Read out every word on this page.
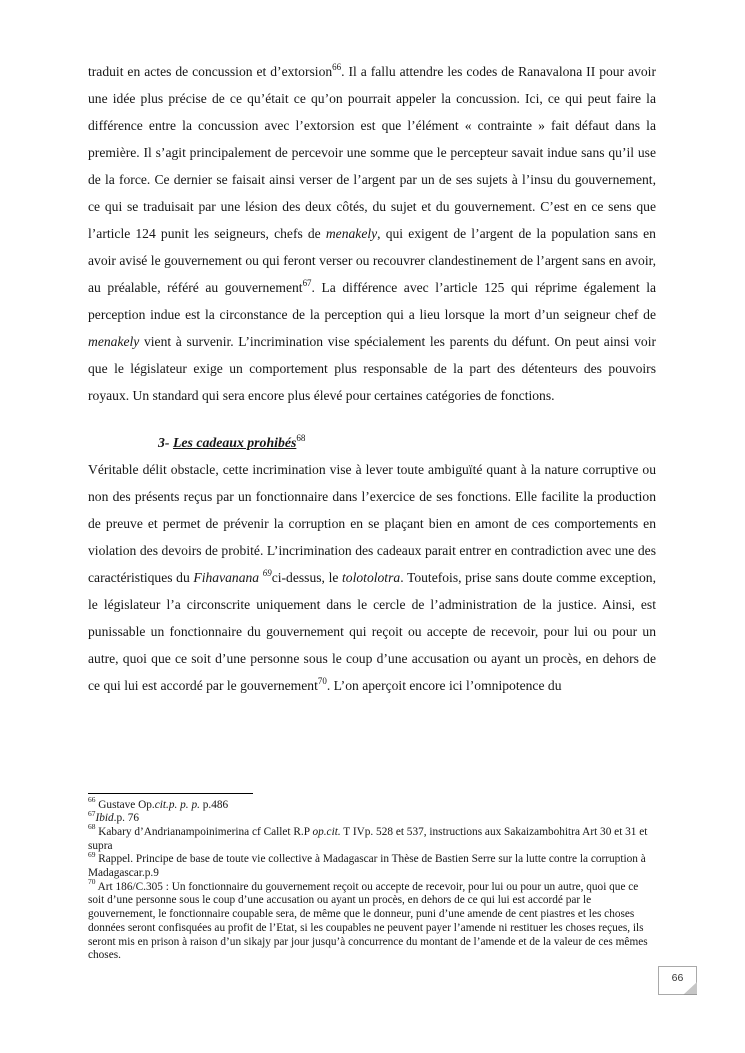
traduit en actes de concussion et d’extorsion$^{66}$. Il a fallu attendre les codes de Ranavalona II pour avoir une idée plus précise de ce qu’était ce qu’on pourrait appeler la concussion. Ici, ce qui peut faire la différence entre la concussion avec l’extorsion est que l’élément « contrainte » fait défaut dans la première. Il s’agit principalement de percevoir une somme que le percepteur savait indue sans qu’il use de la force. Ce dernier se faisait ainsi verser de l’argent par un de ses sujets à l’insu du gouvernement, ce qui se traduisait par une lésion des deux côtés, du sujet et du gouvernement. C’est en ce sens que l’article 124 punit les seigneurs, chefs de menakely, qui exigent de l’argent de la population sans en avoir avisé le gouvernement ou qui feront verser ou recouvrer clandestinement de l’argent sans en avoir, au préalable, référé au gouvernement$^{67}$. La différence avec l’article 125 qui réprime également la perception indue est la circonstance de la perception qui a lieu lorsque la mort d’un seigneur chef de menakely vient à survenir. L’incrimination vise spécialement les parents du défunt. On peut ainsi voir que le législateur exige un comportement plus responsable de la part des détenteurs des pouvoirs royaux. Un standard qui sera encore plus élevé pour certaines catégories de fonctions.

3- Les cadeaux prohibés$^{68}$

Véritable délit obstacle, cette incrimination vise à lever toute ambiguïté quant à la nature corruptive ou non des présents reçus par un fonctionnaire dans l’exercice de ses fonctions. Elle facilite la production de preuve et permet de prévenir la corruption en se plaçant bien en amont de ces comportements en violation des devoirs de probité. L’incrimination des cadeaux parait entrer en contradiction avec une des caractéristiques du Fihavanana $^{69}$ci-dessus, le tolotolotra. Toutefois, prise sans doute comme exception, le législateur l’a circonscrite uniquement dans le cercle de l’administration de la justice. Ainsi, est punissable un fonctionnaire du gouvernement qui reçoit ou accepte de recevoir, pour lui ou pour un autre, quoi que ce soit d’une personne sous le coup d’une accusation ou ayant un procès, en dehors de ce qui lui est accordé par le gouvernement$^{70}$. L’on aperçoit encore ici l’omnipotence du

$^{66}$ Gustave Op.cit.p. p. p. p.486

$^{67}$Ibid.p. 76

$^{68}$ Kabary d’Andrianampoinimerina cf Callet R.P op.cit. T IVp. 528 et 537, instructions aux Sakaizambohitra Art 30 et 31 et supra

$^{69}$ Rappel. Principe de base de toute vie collective à Madagascar in Thèse de Bastien Serre sur la lutte contre la corruption à Madagascar.p.9

$^{70}$ Art 186/C.305 : Un fonctionnaire du gouvernement reçoit ou accepte de recevoir, pour lui ou pour un autre, quoi que ce soit d’une personne sous le coup d’une accusation ou ayant un procès, en dehors de ce qui lui est accordé par le gouvernement, le fonctionnaire coupable sera, de même que le donneur, puni d’une amende de cent piastres et les choses données seront confisquées au profit de l’Etat, si les coupables ne peuvent payer l’amende ni restituer les choses reçues, ils seront mis en prison à raison d’un sikajy par jour jusqu’à concurrence du montant de l’amende et de la valeur de ces mêmes choses.

66
